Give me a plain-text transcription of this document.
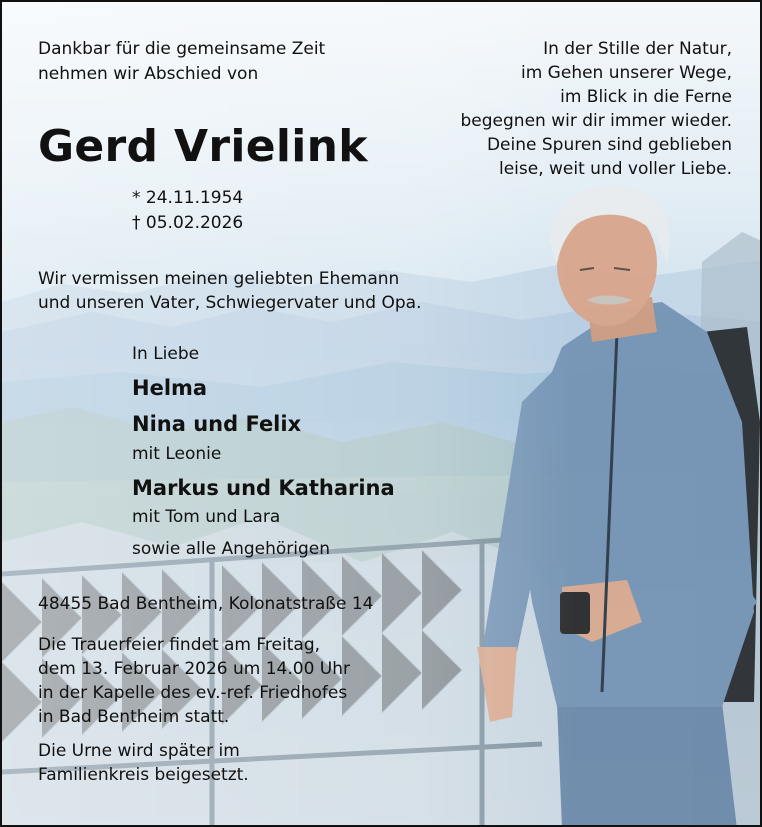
Dankbar für die gemeinsame Zeit
nehmen wir Abschied von
In der Stille der Natur,
im Gehen unserer Wege,
im Blick in die Ferne
begegnen wir dir immer wieder.
Deine Spuren sind geblieben
leise, weit und voller Liebe.
Gerd Vrielink
* 24.11.1954
† 05.02.2026
Wir vermissen meinen geliebten Ehemann
und unseren Vater, Schwiegervater und Opa.
In Liebe
Helma
Nina und Felix
mit Leonie
Markus und Katharina
mit Tom und Lara
sowie alle Angehörigen
48455 Bad Bentheim, Kolonatstraße 14
Die Trauerfeier findet am Freitag,
dem 13. Februar 2026 um 14.00 Uhr
in der Kapelle des ev.-ref. Friedhofes
in Bad Bentheim statt.
Die Urne wird später im
Familienkreis beigesetzt.
